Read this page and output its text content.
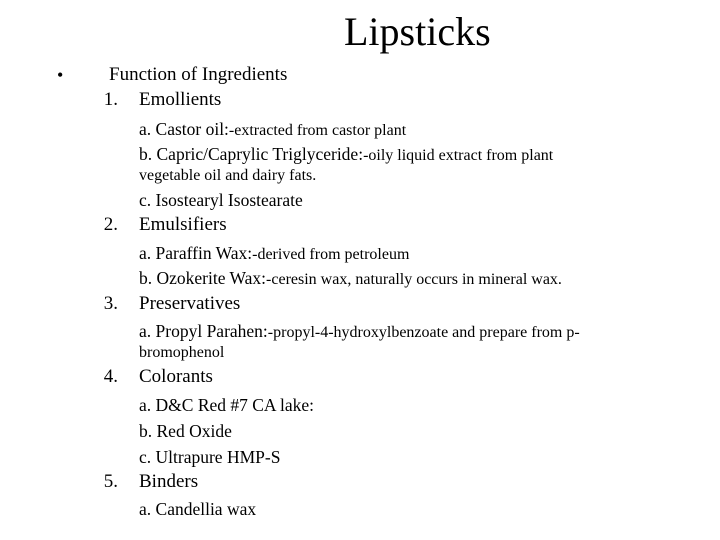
Lipsticks
• Function of Ingredients
1. Emollients
a. Castor oil:-extracted from castor plant
b. Capric/Caprylic Triglyceride:-oily liquid extract from plant
vegetable oil and dairy fats.
c. Isostearyl Isostearate
2. Emulsifiers
a. Paraffin Wax:-derived from petroleum
b. Ozokerite Wax:-ceresin wax, naturally occurs in mineral wax.
3. Preservatives
a. Propyl Parahen:-propyl-4-hydroxylbenzoate and prepare from p-
bromophenol
4. Colorants
a. D&C Red #7 CA lake:
b. Red Oxide
c. Ultrapure HMP-S
5. Binders
a. Candellia wax
